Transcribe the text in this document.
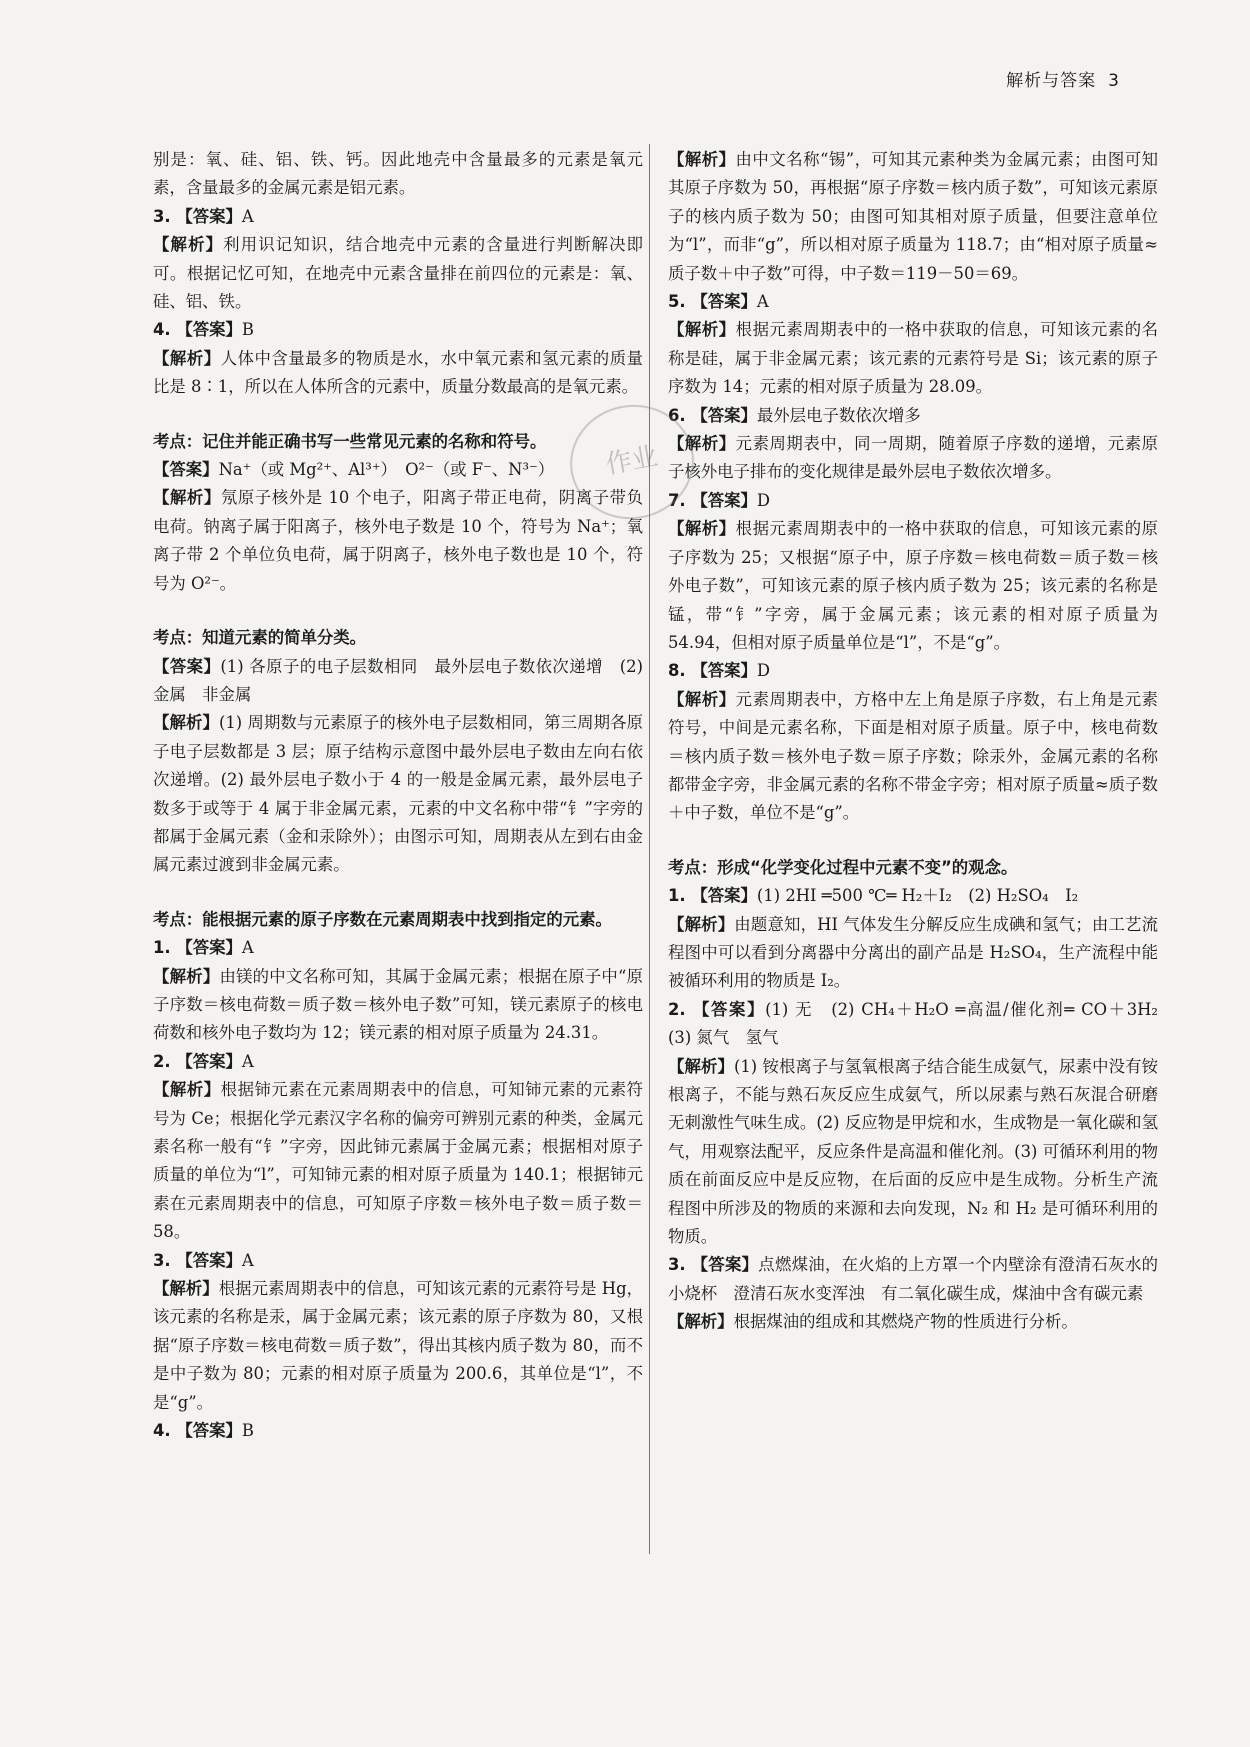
解析与答案 3

别是：氧、硅、铝、铁、钙。因此地壳中含量最多的元素是氧元素，含量最多的金属元素是铝元素。

3. 【答案】A

【解析】利用识记知识，结合地壳中元素的含量进行判断解决即可。根据记忆可知，在地壳中元素含量排在前四位的元素是：氧、硅、铝、铁。

4. 【答案】B

【解析】人体中含量最多的物质是水，水中氧元素和氢元素的质量比是 8∶1，所以在人体所含的元素中，质量分数最高的是氧元素。

考点：记住并能正确书写一些常见元素的名称和符号。

【答案】Na⁺（或 Mg²⁺、Al³⁺）　O²⁻（或 F⁻、N³⁻）

【解析】氖原子核外是 10 个电子，阳离子带正电荷，阴离子带负电荷。钠离子属于阳离子，核外电子数是 10 个，符号为 Na⁺；氧离子带 2 个单位负电荷，属于阴离子，核外电子数也是 10 个，符号为 O²⁻。

考点：知道元素的简单分类。

【答案】(1) 各原子的电子层数相同　最外层电子数依次递增　(2) 金属　非金属

【解析】(1) 周期数与元素原子的核外电子层数相同，第三周期各原子电子层数都是 3 层；原子结构示意图中最外层电子数由左向右依次递增。(2) 最外层电子数小于 4 的一般是金属元素，最外层电子数多于或等于 4 属于非金属元素，元素的中文名称中带“钅”字旁的都属于金属元素（金和汞除外）；由图示可知，周期表从左到右由金属元素过渡到非金属元素。

考点：能根据元素的原子序数在元素周期表中找到指定的元素。

1. 【答案】A

【解析】由镁的中文名称可知，其属于金属元素；根据在原子中“原子序数＝核电荷数＝质子数＝核外电子数”可知，镁元素原子的核电荷数和核外电子数均为 12；镁元素的相对原子质量为 24.31。

2. 【答案】A

【解析】根据铈元素在元素周期表中的信息，可知铈元素的元素符号为 Ce；根据化学元素汉字名称的偏旁可辨别元素的种类，金属元素名称一般有“钅”字旁，因此铈元素属于金属元素；根据相对原子质量的单位为“l”，可知铈元素的相对原子质量为 140.1；根据铈元素在元素周期表中的信息，可知原子序数＝核外电子数＝质子数＝58。

3. 【答案】A

【解析】根据元素周期表中的信息，可知该元素的元素符号是 Hg，该元素的名称是汞，属于金属元素；该元素的原子序数为 80，又根据“原子序数＝核电荷数＝质子数”，得出其核内质子数为 80，而不是中子数为 80；元素的相对原子质量为 200.6，其单位是“l”，不是“g”。

4. 【答案】B

【解析】由中文名称“锡”，可知其元素种类为金属元素；由图可知其原子序数为 50，再根据“原子序数＝核内质子数”，可知该元素原子的核内质子数为 50；由图可知其相对原子质量，但要注意单位为“l”，而非“g”，所以相对原子质量为 118.7；由“相对原子质量≈质子数＋中子数”可得，中子数＝119－50＝69。

5. 【答案】A

【解析】根据元素周期表中的一格中获取的信息，可知该元素的名称是硅，属于非金属元素；该元素的元素符号是 Si；该元素的原子序数为 14；元素的相对原子质量为 28.09。

6. 【答案】最外层电子数依次增多

【解析】元素周期表中，同一周期，随着原子序数的递增，元素原子核外电子排布的变化规律是最外层电子数依次增多。

7. 【答案】D

【解析】根据元素周期表中的一格中获取的信息，可知该元素的原子序数为 25；又根据“原子中，原子序数＝核电荷数＝质子数＝核外电子数”，可知该元素的原子核内质子数为 25；该元素的名称是锰，带“钅”字旁，属于金属元素；该元素的相对原子质量为 54.94，但相对原子质量单位是“l”，不是“g”。

8. 【答案】D

【解析】元素周期表中，方格中左上角是原子序数，右上角是元素符号，中间是元素名称，下面是相对原子质量。原子中，核电荷数＝核内质子数＝核外电子数＝原子序数；除汞外，金属元素的名称都带金字旁，非金属元素的名称不带金字旁；相对原子质量≈质子数＋中子数，单位不是“g”。

考点：形成“化学变化过程中元素不变”的观念。

1. 【答案】(1) 2HI ═500 ℃═ H₂＋I₂　(2) H₂SO₄　I₂

【解析】由题意知，HI 气体发生分解反应生成碘和氢气；由工艺流程图中可以看到分离器中分离出的副产品是 H₂SO₄，生产流程中能被循环利用的物质是 I₂。

2. 【答案】(1) 无　(2) CH₄＋H₂O ═高温/催化剂═ CO＋3H₂　(3) 氮气　氢气

【解析】(1) 铵根离子与氢氧根离子结合能生成氨气，尿素中没有铵根离子，不能与熟石灰反应生成氨气，所以尿素与熟石灰混合研磨无刺激性气味生成。(2) 反应物是甲烷和水，生成物是一氧化碳和氢气，用观察法配平，反应条件是高温和催化剂。(3) 可循环利用的物质在前面反应中是反应物，在后面的反应中是生成物。分析生产流程图中所涉及的物质的来源和去向发现，N₂ 和 H₂ 是可循环利用的物质。

3. 【答案】点燃煤油，在火焰的上方罩一个内壁涂有澄清石灰水的小烧杯　澄清石灰水变浑浊　有二氧化碳生成，煤油中含有碳元素

【解析】根据煤油的组成和其燃烧产物的性质进行分析。

作业
